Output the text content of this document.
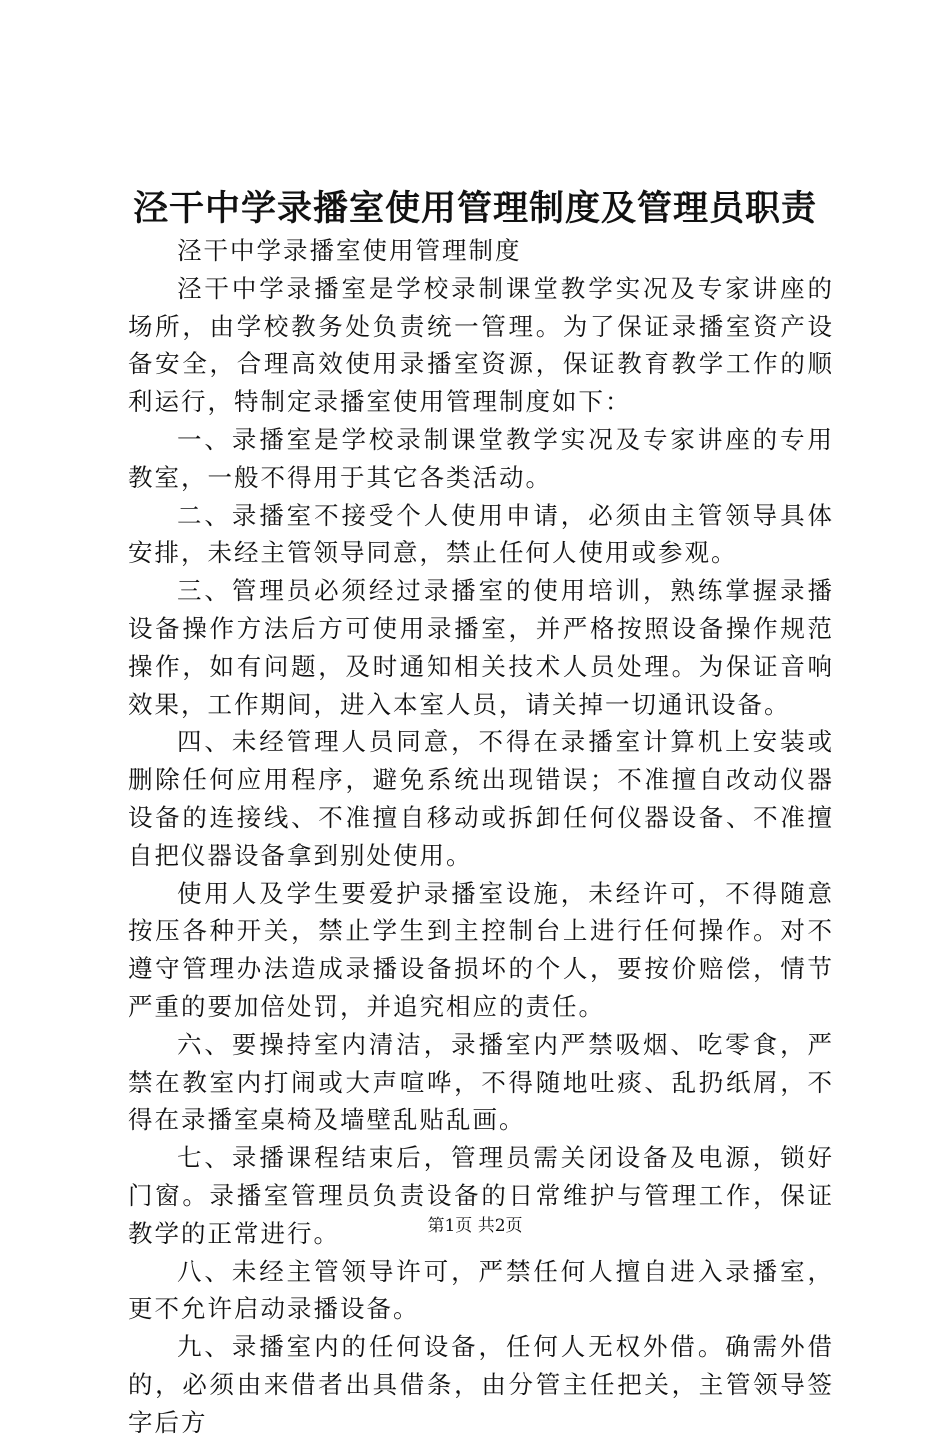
泾干中学录播室使用管理制度及管理员职责

泾干中学录播室使用管理制度

泾干中学录播室是学校录制课堂教学实况及专家讲座的场所，由学校教务处负责统一管理。为了保证录播室资产设备安全，合理高效使用录播室资源，保证教育教学工作的顺利运行，特制定录播室使用管理制度如下：

一、录播室是学校录制课堂教学实况及专家讲座的专用教室，一般不得用于其它各类活动。

二、录播室不接受个人使用申请，必须由主管领导具体安排，未经主管领导同意，禁止任何人使用或参观。

三、管理员必须经过录播室的使用培训，熟练掌握录播设备操作方法后方可使用录播室，并严格按照设备操作规范操作，如有问题，及时通知相关技术人员处理。为保证音响效果，工作期间，进入本室人员，请关掉一切通讯设备。

四、未经管理人员同意，不得在录播室计算机上安装或删除任何应用程序，避免系统出现错误；不准擅自改动仪器设备的连接线、不准擅自移动或拆卸任何仪器设备、不准擅自把仪器设备拿到别处使用。

使用人及学生要爱护录播室设施，未经许可，不得随意按压各种开关，禁止学生到主控制台上进行任何操作。对不遵守管理办法造成录播设备损坏的个人，要按价赔偿，情节严重的要加倍处罚，并追究相应的责任。

六、要操持室内清洁，录播室内严禁吸烟、吃零食，严禁在教室内打闹或大声喧哗，不得随地吐痰、乱扔纸屑，不得在录播室桌椅及墙壁乱贴乱画。

七、录播课程结束后，管理员需关闭设备及电源，锁好门窗。录播室管理员负责设备的日常维护与管理工作，保证教学的正常进行。

八、未经主管领导许可，严禁任何人擅自进入录播室，更不允许启动录播设备。

九、录播室内的任何设备，任何人无权外借。确需外借的，必须由来借者出具借条，由分管主任把关，主管领导签字后方

第1页 共2页
